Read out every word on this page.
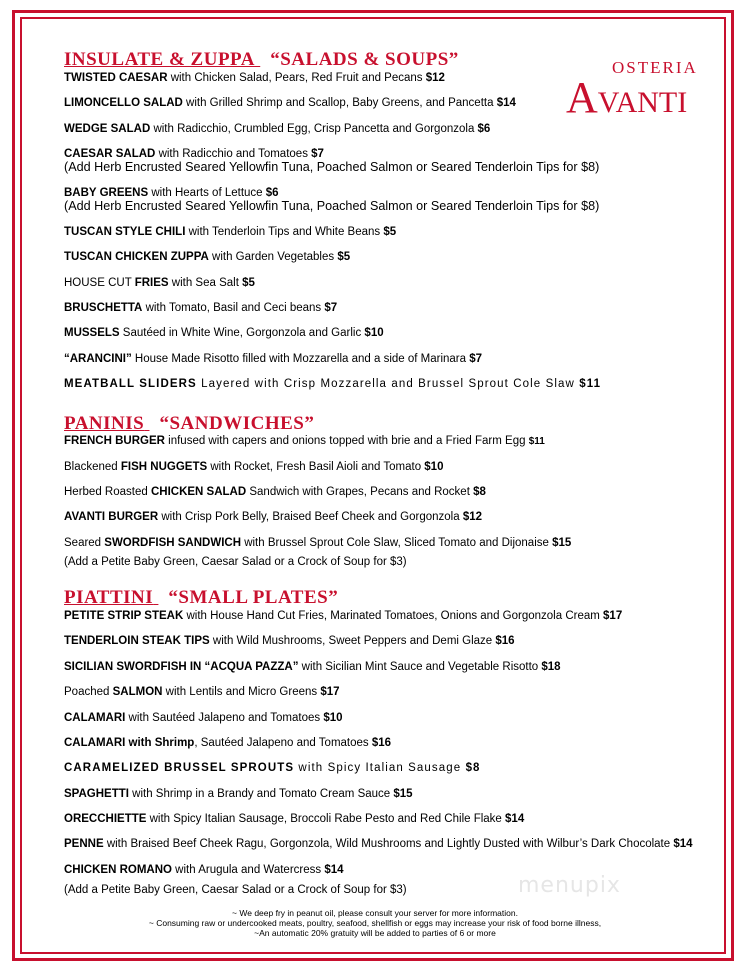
OSTERIA
AVANTI
INSULATE & ZUPPA “SALADS & SOUPS”
TWISTED CAESAR with Chicken Salad, Pears, Red Fruit and Pecans $12
LIMONCELLO SALAD with Grilled Shrimp and Scallop, Baby Greens, and Pancetta $14
WEDGE SALAD with Radicchio, Crumbled Egg, Crisp Pancetta and Gorgonzola $6
CAESAR SALAD with Radicchio and Tomatoes $7
(Add Herb Encrusted Seared Yellowfin Tuna, Poached Salmon or Seared Tenderloin Tips for $8)
BABY GREENS with Hearts of Lettuce $6
(Add Herb Encrusted Seared Yellowfin Tuna, Poached Salmon or Seared Tenderloin Tips for $8)
TUSCAN STYLE CHILI with Tenderloin Tips and White Beans $5
TUSCAN CHICKEN ZUPPA with Garden Vegetables $5
HOUSE CUT FRIES with Sea Salt $5
BRUSCHETTA with Tomato, Basil and Ceci beans $7
MUSSELS Sautéed in White Wine, Gorgonzola and Garlic $10
“ARANCINI” House Made Risotto filled with Mozzarella and a side of Marinara $7
MEATBALL SLIDERS Layered with Crisp Mozzarella and Brussel Sprout Cole Slaw $11
PANINIS “SANDWICHES”
FRENCH BURGER infused with capers and onions topped with brie and a Fried Farm Egg $11
Blackened FISH NUGGETS with Rocket, Fresh Basil Aioli and Tomato $10
Herbed Roasted CHICKEN SALAD Sandwich with Grapes, Pecans and Rocket $8
AVANTI BURGER with Crisp Pork Belly, Braised Beef Cheek and Gorgonzola $12
Seared SWORDFISH SANDWICH with Brussel Sprout Cole Slaw, Sliced Tomato and Dijonaise $15
(Add a Petite Baby Green, Caesar Salad or a Crock of Soup for $3)
PIATTINI “SMALL PLATES”
PETITE STRIP STEAK with House Hand Cut Fries, Marinated Tomatoes, Onions and Gorgonzola Cream $17
TENDERLOIN STEAK TIPS with Wild Mushrooms, Sweet Peppers and Demi Glaze $16
SICILIAN SWORDFISH IN “ACQUA PAZZA” with Sicilian Mint Sauce and Vegetable Risotto $18
Poached SALMON with Lentils and Micro Greens $17
CALAMARI with Sautéed Jalapeno and Tomatoes $10
CALAMARI with Shrimp, Sautéed Jalapeno and Tomatoes $16
CARAMELIZED BRUSSEL SPROUTS with Spicy Italian Sausage $8
SPAGHETTI with Shrimp in a Brandy and Tomato Cream Sauce $15
ORECCHIETTE with Spicy Italian Sausage, Broccoli Rabe Pesto and Red Chile Flake $14
PENNE with Braised Beef Cheek Ragu, Gorgonzola, Wild Mushrooms and Lightly Dusted with Wilbur’s Dark Chocolate $14
CHICKEN ROMANO with Arugula and Watercress $14
(Add a Petite Baby Green, Caesar Salad or a Crock of Soup for $3)	menupix
~ We deep fry in peanut oil, please consult your server for more information.
~ Consuming raw or undercooked meats, poultry, seafood, shellfish or eggs may increase your risk of food borne illness,
~An automatic 20% gratuity will be added to parties of 6 or more
